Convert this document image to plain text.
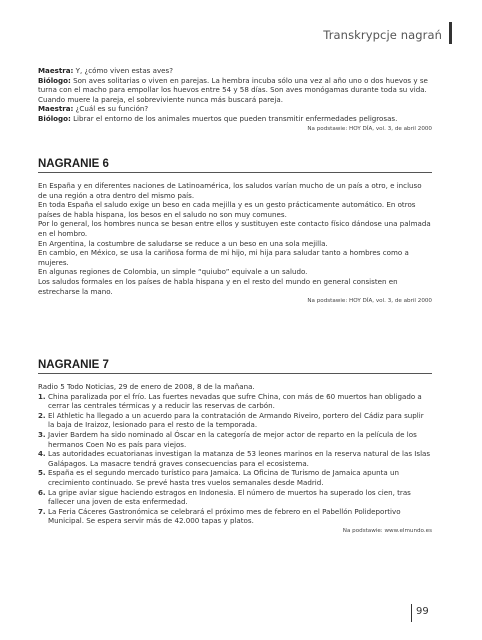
Transkrypcje nagrań

Maestra: Y, ¿cómo viven estas aves?

Biólogo: Son aves solitarias o viven en parejas. La hembra incuba sólo una vez al año uno o dos huevos y se turna con el macho para empollar los huevos entre 54 y 58 días. Son aves monógamas durante toda su vida. Cuando muere la pareja, el sobreviviente nunca más buscará pareja.

Maestra: ¿Cuál es su función?

Biólogo: Librar el entorno de los animales muertos que pueden transmitir enfermedades peligrosas.

Na podstawie: HOY DÍA, vol. 3, de abril 2000
NAGRANIE 6

En España y en diferentes naciones de Latinoamérica, los saludos varían mucho de un país a otro, e incluso de una región a otra dentro del mismo país.

En toda España el saludo exige un beso en cada mejilla y es un gesto prácticamente automático. En otros países de habla hispana, los besos en el saludo no son muy comunes.

Por lo general, los hombres nunca se besan entre ellos y sustituyen este contacto físico dándose una palmada en el hombro.

En Argentina, la costumbre de saludarse se reduce a un beso en una sola mejilla.

En cambio, en México, se usa la cariñosa forma de mi hijo, mi hija para saludar tanto a hombres como a mujeres.

En algunas regiones de Colombia, un simple “quiubo” equivale a un saludo.

Los saludos formales en los países de habla hispana y en el resto del mundo en general consisten en estrecharse la mano.

Na podstawie: HOY DÍA, vol. 3, de abril 2000
NAGRANIE 7

Radio 5 Todo Noticias, 29 de enero de 2008, 8 de la mañana.

1. China paralizada por el frío. Las fuertes nevadas que sufre China, con más de 60 muertos han obligado a cerrar las centrales térmicas y a reducir las reservas de carbón.
2. El Athletic ha llegado a un acuerdo para la contratación de Armando Riveiro, portero del Cádiz para suplir la baja de Iraizoz, lesionado para el resto de la temporada.
3. Javier Bardem ha sido nominado al Óscar en la categoría de mejor actor de reparto en la película de los hermanos Coen No es país para viejos.
4. Las autoridades ecuatorianas investigan la matanza de 53 leones marinos en la reserva natural de las Islas Galápagos. La masacre tendrá graves consecuencias para el ecosistema.
5. España es el segundo mercado turístico para Jamaica. La Oficina de Turismo de Jamaica apunta un crecimiento continuado. Se prevé hasta tres vuelos semanales desde Madrid.
6. La gripe aviar sigue haciendo estragos en Indonesia. El número de muertos ha superado los cien, tras fallecer una joven de esta enfermedad.
7. La Feria Cáceres Gastronómica se celebrará el próximo mes de febrero en el Pabellón Polideportivo Municipal. Se espera servir más de 42.000 tapas y platos.
Na podstawie: www.elmundo.es
99
